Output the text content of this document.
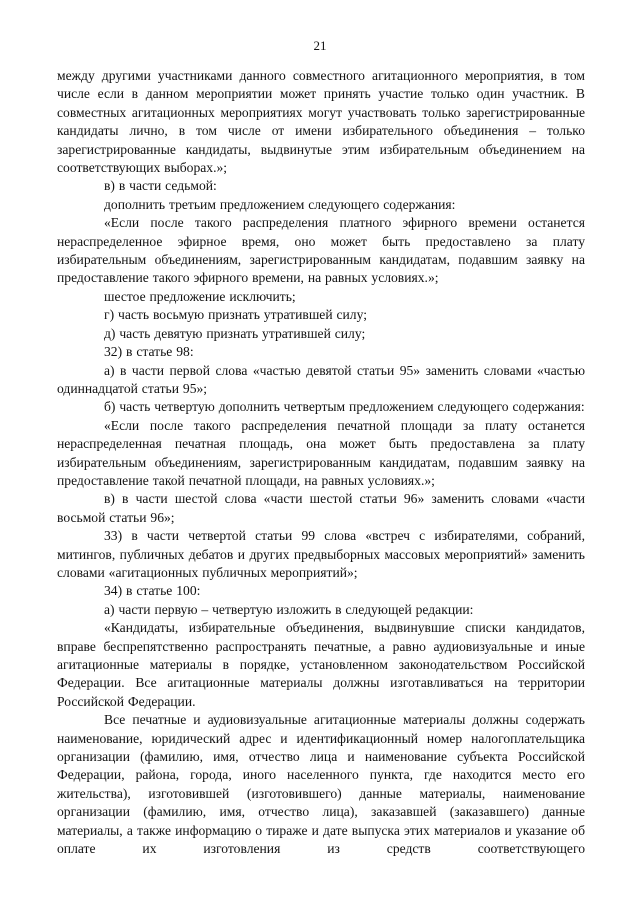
21

между другими участниками данного совместного агитационного мероприятия, в том числе если в данном мероприятии может принять участие только один участник. В совместных агитационных мероприятиях могут участвовать только зарегистрированные кандидаты лично, в том числе от имени избирательного объединения – только зарегистрированные кандидаты, выдвинутые этим избирательным объединением на соответствующих выборах.»;

в) в части седьмой:

дополнить третьим предложением следующего содержания:

«Если после такого распределения платного эфирного времени останется нераспределенное эфирное время, оно может быть предоставлено за плату избирательным объединениям, зарегистрированным кандидатам, подавшим заявку на предоставление такого эфирного времени, на равных условиях.»;

шестое предложение исключить;

г) часть восьмую признать утратившей силу;

д) часть девятую признать утратившей силу;

32) в статье 98:

а) в части первой слова «частью девятой статьи 95» заменить словами «частью одиннадцатой статьи 95»;

б) часть четвертую дополнить четвертым предложением следующего содержания:

«Если после такого распределения печатной площади за плату останется нераспределенная печатная площадь, она может быть предоставлена за плату избирательным объединениям, зарегистрированным кандидатам, подавшим заявку на предоставление такой печатной площади, на равных условиях.»;

в) в части шестой слова «части шестой статьи 96» заменить словами «части восьмой статьи 96»;

33) в части четвертой статьи 99 слова «встреч с избирателями, собраний, митингов, публичных дебатов и других предвыборных массовых мероприятий» заменить словами «агитационных публичных мероприятий»;

34) в статье 100:

а) части первую – четвертую изложить в следующей редакции:

«Кандидаты, избирательные объединения, выдвинувшие списки кандидатов, вправе беспрепятственно распространять печатные, а равно аудиовизуальные и иные агитационные материалы в порядке, установленном законодательством Российской Федерации. Все агитационные материалы должны изготавливаться на территории Российской Федерации.

Все печатные и аудиовизуальные агитационные материалы должны содержать наименование, юридический адрес и идентификационный номер налогоплательщика организации (фамилию, имя, отчество лица и наименование субъекта Российской Федерации, района, города, иного населенного пункта, где находится место его жительства), изготовившей (изготовившего) данные материалы, наименование организации (фамилию, имя, отчество лица), заказавшей (заказавшего) данные материалы, а также информацию о тираже и дате выпуска этих материалов и указание об оплате их изготовления из средств соответствующего
